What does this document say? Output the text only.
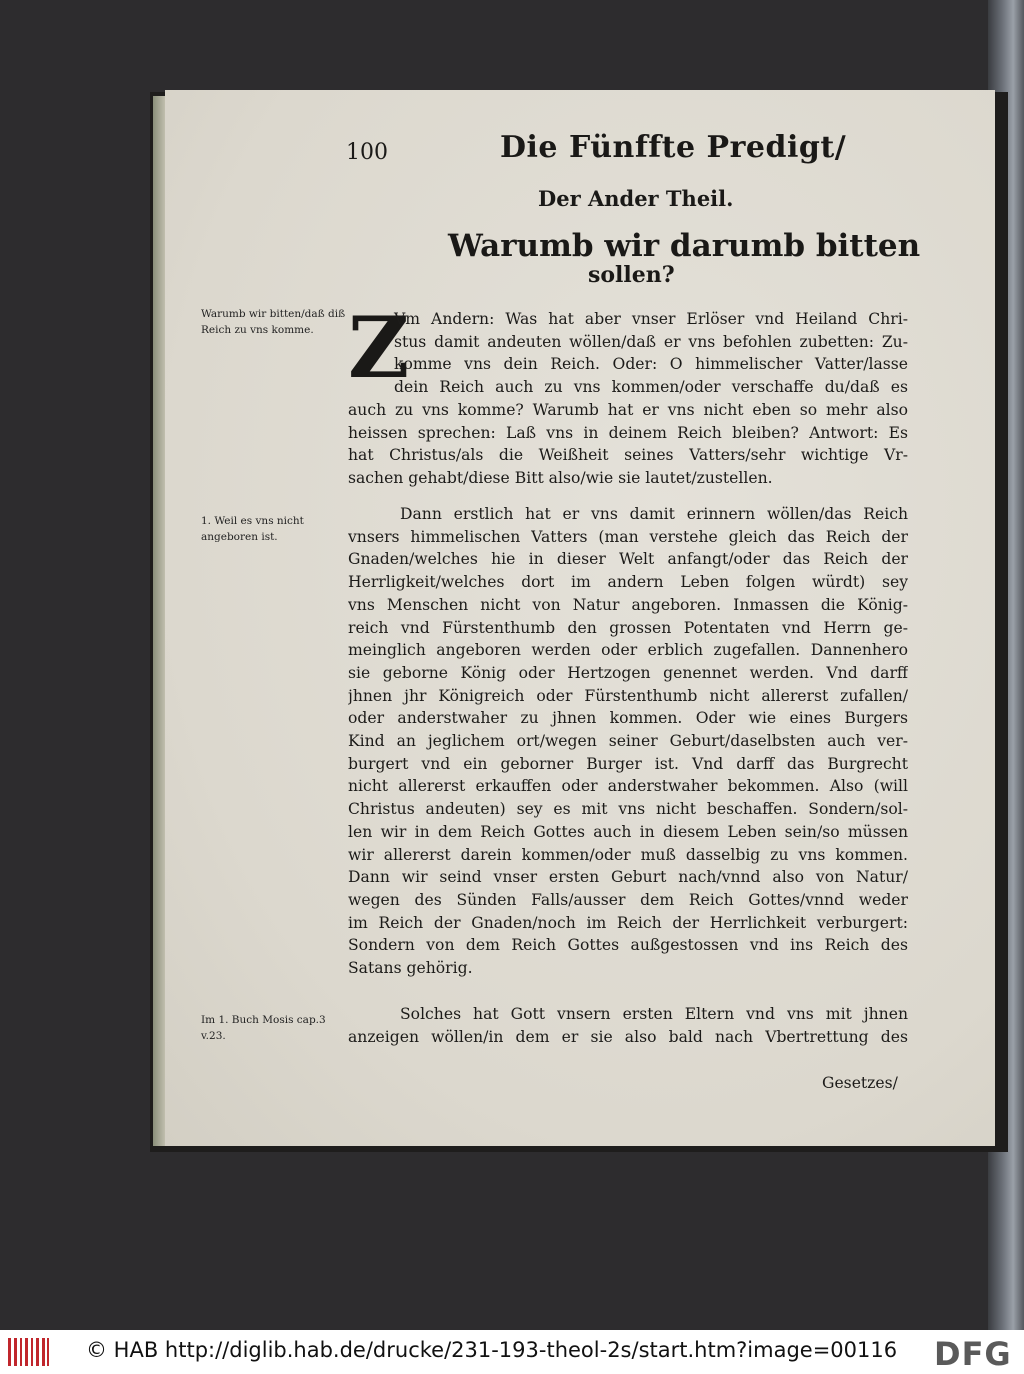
100	Die Fünffte Predigt/
Der Ander Theil.
Warumb wir darumb bitten
sollen?
Warumb wir bitten/daß diß Reich zu vns komme.
1. Weil es vns nicht angeboren ist.
Im 1. Buch Mosis cap.3 v.23.
Z
Vm Andern: Was hat aber vnser Erlöser vnd Heiland Chri-
stus damit andeuten wöllen/daß er vns befohlen zubetten: Zu-
komme vns dein Reich. Oder: O himmelischer Vatter/lasse
dein Reich auch zu vns kommen/oder verschaffe du/daß es
auch zu vns komme? Warumb hat er vns nicht eben so mehr also
heissen sprechen: Laß vns in deinem Reich bleiben? Antwort: Es
hat Christus/als die Weißheit seines Vatters/sehr wichtige Vr-
sachen gehabt/diese Bitt also/wie sie lautet/zustellen.
Dann erstlich hat er vns damit erinnern wöllen/das Reich
vnsers himmelischen Vatters (man verstehe gleich das Reich der
Gnaden/welches hie in dieser Welt anfangt/oder das Reich der
Herrligkeit/welches dort im andern Leben folgen würdt) sey
vns Menschen nicht von Natur angeboren. Inmassen die König-
reich vnd Fürstenthumb den grossen Potentaten vnd Herrn ge-
meinglich angeboren werden oder erblich zugefallen. Dannenhero
sie geborne König oder Hertzogen genennet werden. Vnd darff
jhnen jhr Königreich oder Fürstenthumb nicht allererst zufallen/
oder anderstwaher zu jhnen kommen. Oder wie eines Burgers
Kind an jeglichem ort/wegen seiner Geburt/daselbsten auch ver-
burgert vnd ein geborner Burger ist. Vnd darff das Burgrecht
nicht allererst erkauffen oder anderstwaher bekommen. Also (will
Christus andeuten) sey es mit vns nicht beschaffen. Sondern/sol-
len wir in dem Reich Gottes auch in diesem Leben sein/so müssen
wir allererst darein kommen/oder muß dasselbig zu vns kommen.
Dann wir seind vnser ersten Geburt nach/vnnd also von Natur/
wegen des Sünden Falls/ausser dem Reich Gottes/vnnd weder
im Reich der Gnaden/noch im Reich der Herrlichkeit verburgert:
Sondern von dem Reich Gottes außgestossen vnd ins Reich des
Satans gehörig.
Solches hat Gott vnsern ersten Eltern vnd vns mit jhnen
anzeigen wöllen/in dem er sie also bald nach Vbertrettung des
Gesetzes/
© HAB http://diglib.hab.de/drucke/231-193-theol-2s/start.htm?image=00116 DFG
